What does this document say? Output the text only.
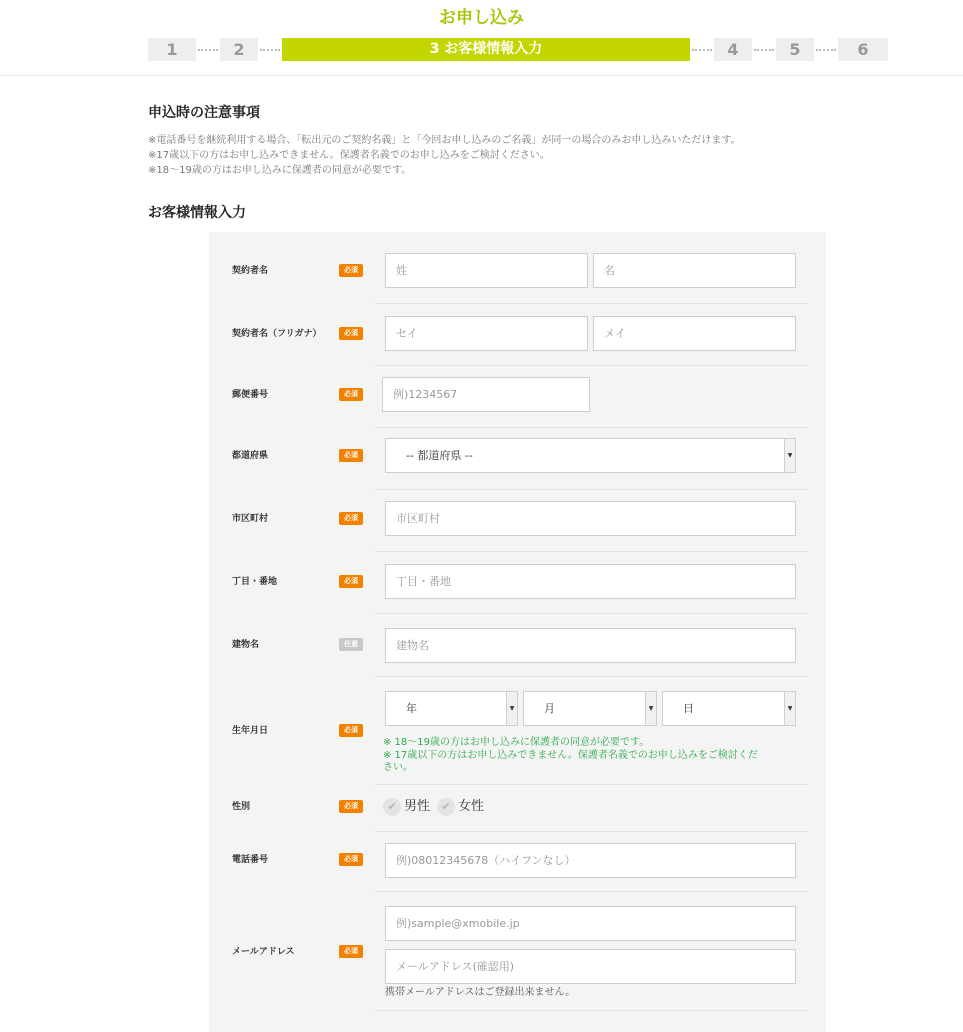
お申し込み
1	2	3 お客様情報入力	4	5	6
申込時の注意事項

※電話番号を継続利用する場合、「転出元のご契約名義」と「今回お申し込みのご名義」が同一の場合のみお申し込みいただけます。

※17歳以下の方はお申し込みできません。保護者名義でのお申し込みをご検討ください。

※18〜19歳の方はお申し込みに保護者の同意が必要です。

お客様情報入力
契約者名	必須
姓
名
契約者名（フリガナ）	必須
セイ
メイ
郵便番号	必須
例)1234567
都道府県	必須	-- 都道府県 --	▼
市区町村	必須
市区町村
丁目・番地	必須
丁目・番地
建物名	任意
建物名
生年月日	必須
年	▼	月	▼	日	▼
※ 18〜19歳の方はお申し込みに保護者の同意が必要です。
※ 17歳以下の方はお申し込みできません。保護者名義でのお申し込みをご検討くだ
さい。
性別	必須	✔ 男性	✔ 女性
電話番号	必須
例)08012345678（ハイフンなし）
メールアドレス	必須
例)sample@xmobile.jp
メールアドレス(確認用)
携帯メールアドレスはご登録出来ません。
